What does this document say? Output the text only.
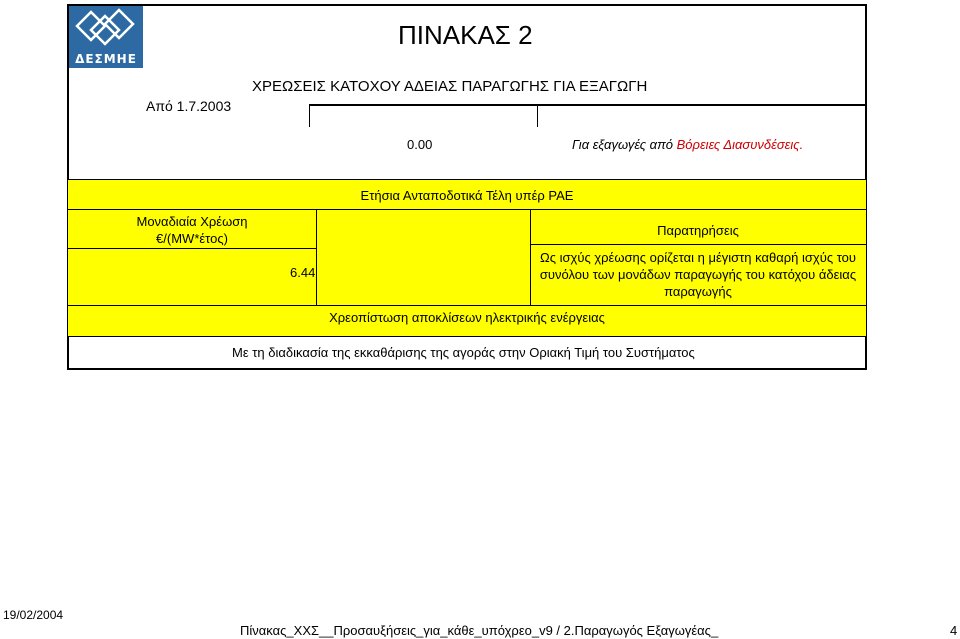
ΔΕΣΜΗΕ
ΠΙΝΑΚΑΣ 2
ΧΡΕΩΣΕΙΣ ΚΑΤΟΧΟΥ ΑΔΕΙΑΣ ΠΑΡΑΓΩΓΗΣ ΓΙΑ ΕΞΑΓΩΓΗ
Από 1.7.2003
0.00	Για εξαγωγές από Βόρειες Διασυνδέσεις.
Ετήσια Ανταποδοτικά Τέλη υπέρ ΡΑΕ
Μοναδιαία Χρέωση
€/(MW*έτος)
6.44
Παρατηρήσεις
Ως ισχύς χρέωσης ορίζεται η μέγιστη καθαρή ισχύς του συνόλου των μονάδων παραγωγής του κατόχου άδειας παραγωγής
Χρεοπίστωση αποκλίσεων ηλεκτρικής ενέργειας
Με τη διαδικασία της εκκαθάρισης της αγοράς στην Οριακή Τιμή του Συστήματος
19/02/2004
Πίνακας_ΧΧΣ__Προσαυξήσεις_για_κάθε_υπόχρεο_v9 / 2.Παραγωγός Εξαγωγέας_	4
